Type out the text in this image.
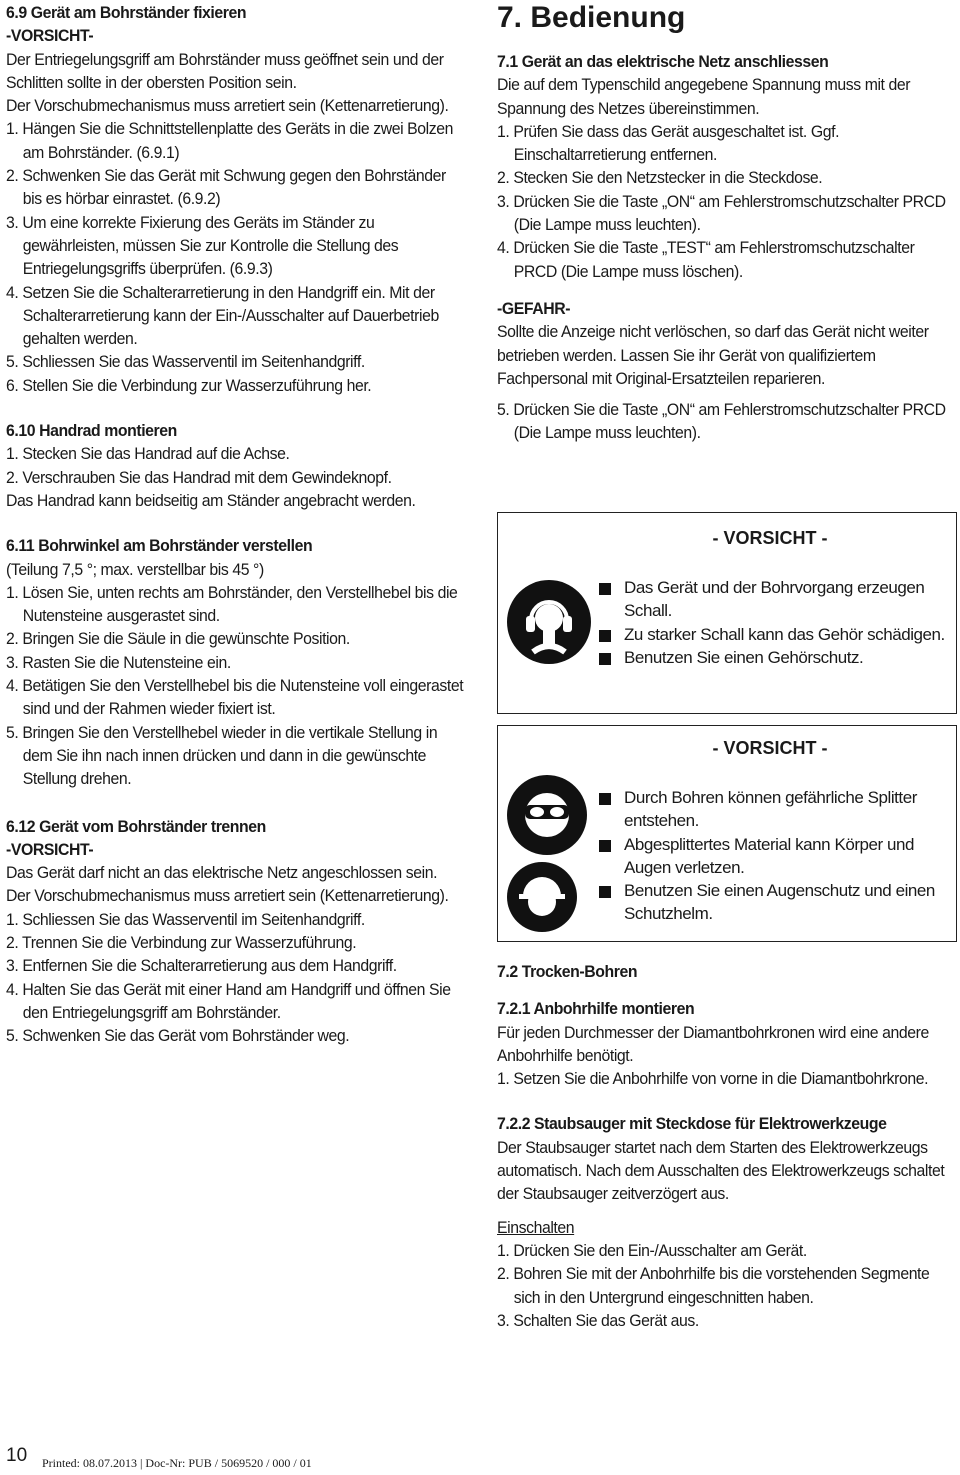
6.9 Gerät am Bohrständer fixieren
-VORSICHT-
Der Entriegelungsgriff am Bohrständer muss geöffnet sein und der Schlitten sollte in der obersten Position sein.
Der Vorschubmechanismus muss arretiert sein (Kettenarretierung).
1. Hängen Sie die Schnittstellenplatte des Geräts in die zwei Bolzen am Bohrständer. (6.9.1)
2. Schwenken Sie das Gerät mit Schwung gegen den Bohrständer bis es hörbar einrastet. (6.9.2)
3. Um eine korrekte Fixierung des Geräts im Ständer zu gewährleisten, müssen Sie zur Kontrolle die Stellung des Entriegelungsgriffs überprüfen. (6.9.3)
4. Setzen Sie die Schalterarretierung in den Handgriff ein. Mit der Schalterarretierung kann der Ein-/Ausschalter auf Dauerbetrieb gehalten werden.
5. Schliessen Sie das Wasserventil im Seitenhandgriff.
6. Stellen Sie die Verbindung zur Wasserzuführung her.
6.10 Handrad montieren
1. Stecken Sie das Handrad auf die Achse.
2. Verschrauben Sie das Handrad mit dem Gewindeknopf.
Das Handrad kann beidseitig am Ständer angebracht werden.
6.11 Bohrwinkel am Bohrständer verstellen
(Teilung 7,5 °; max. verstellbar bis 45 °)
1. Lösen Sie, unten rechts am Bohrständer, den Verstellhebel bis die Nutensteine ausgerastet sind.
2. Bringen Sie die Säule in die gewünschte Position.
3. Rasten Sie die Nutensteine ein.
4. Betätigen Sie den Verstellhebel bis die Nutensteine voll eingerastet sind und der Rahmen wieder fixiert ist.
5. Bringen Sie den Verstellhebel wieder in die vertikale Stellung in dem Sie ihn nach innen drücken und dann in die gewünschte Stellung drehen.
6.12 Gerät vom Bohrständer trennen
-VORSICHT-
Das Gerät darf nicht an das elektrische Netz angeschlossen sein.
Der Vorschubmechanismus muss arretiert sein (Kettenarretierung).
1. Schliessen Sie das Wasserventil im Seitenhandgriff.
2. Trennen Sie die Verbindung zur Wasserzuführung.
3. Entfernen Sie die Schalterarretierung aus dem Handgriff.
4. Halten Sie das Gerät mit einer Hand am Handgriff und öffnen Sie den Entriegelungsgriff am Bohrständer.
5. Schwenken Sie das Gerät vom Bohrständer weg.
7. Bedienung
7.1 Gerät an das elektrische Netz anschliessen
Die auf dem Typenschild angegebene Spannung muss mit der Spannung des Netzes übereinstimmen.
1. Prüfen Sie dass das Gerät ausgeschaltet ist. Ggf. Einschaltarretierung entfernen.
2. Stecken Sie den Netzstecker in die Steckdose.
3. Drücken Sie die Taste „ON“ am Fehlerstromschutzschalter PRCD (Die Lampe muss leuchten).
4. Drücken Sie die Taste „TEST“ am Fehlerstromschutzschalter PRCD (Die Lampe muss löschen).
-GEFAHR-
Sollte die Anzeige nicht verlöschen, so darf das Gerät nicht weiter betrieben werden. Lassen Sie ihr Gerät von qualifiziertem Fachpersonal mit Original-Ersatzteilen reparieren.
5. Drücken Sie die Taste „ON“ am Fehlerstromschutzschalter PRCD (Die Lampe muss leuchten).
- VORSICHT -
Das Gerät und der Bohrvorgang erzeugen Schall.
Zu starker Schall kann das Gehör schädigen.
Benutzen Sie einen Gehörschutz.
- VORSICHT -
Durch Bohren können gefährliche Splitter entstehen.
Abgesplittertes Material kann Körper und Augen verletzen.
Benutzen Sie einen Augenschutz und einen Schutzhelm.
7.2 Trocken-Bohren
7.2.1 Anbohrhilfe montieren
Für jeden Durchmesser der Diamantbohrkronen wird eine andere Anbohrhilfe benötigt.
1. Setzen Sie die Anbohrhilfe von vorne in die Diamantbohrkrone.
7.2.2 Staubsauger mit Steckdose für Elektrowerkzeuge
Der Staubsauger startet nach dem Starten des Elektrowerkzeugs automatisch. Nach dem Ausschalten des Elektrowerkzeugs schaltet der Staubsauger zeitverzögert aus.
Einschalten
1. Drücken Sie den Ein-/Ausschalter am Gerät.
2. Bohren Sie mit der Anbohrhilfe bis die vorstehenden Segmente sich in den Untergrund eingeschnitten haben.
3. Schalten Sie das Gerät aus.
10 Printed: 08.07.2013 | Doc-Nr: PUB / 5069520 / 000 / 01
